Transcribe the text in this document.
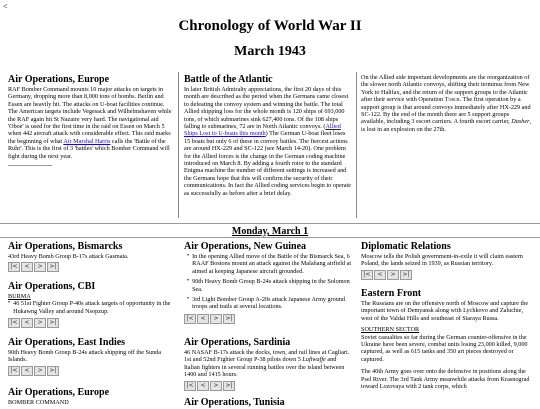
<
Chronology of World War II
March 1943
Air Operations, Europe

RAF Bomber Command mounts 10 major attacks on targets in Germany, dropping more than 8,000 tons of bombs. Berlin and Essen are heavily hit. The attacks on U-boat facilities continue. The American targets include Vegesack and Wilhelmshaven while the RAF again hit St Nazaire very hard. The navigational aid 'Oboe' is used for the first time in the raid on Essen on March 5 when 442 aircraft attack with considerable effect. This raid marks the beginning of what Air Marshal Harris calls the 'Battle of the Ruhr'. This is the first of 3 'battles' which Bomber Command will fight during the next year.

Battle of the Atlantic

In later British Admiralty appreciations, the first 20 days of this month are described as the period when the Germans came closest to defeating the convoy system and winning the battle. The total Allied shipping loss for the whole month is 120 ships of 693,000 tons, of which submarines sink 627,400 tons. Of the 108 ships falling to submarines, 72 are in North Atlantic convoys. (Allied Ships Lost to U-boats this month) The German U-boat fleet loses 15 boats but only 6 of these in convoy battles. The fiercest actions are around HX-229 and SC-122 (see March 14-20). One problem for the Allied forces is the change in the German coding machine introduced on March 8. By adding a fourth rotor to the standard Enigma machine the number of different settings is increased and the Germans hope that this will confirm the security of their communications. In fact the Allied coding services begin to operate as successfully as before after a brief delay.

On the Allied side important developments are the reorganization of the slower north Atlantic convoys, shifting their terminus from New York to Halifax, and the return of the support groups to the Atlantic after their service with Operation Torch. The first operation by a support group is that around convoys immediately after HX-229 and SC-122. By the end of the month there are 5 support groups available, including 3 escort carriers. A fourth escort carrier, Dasher, is lost in an explosion on the 27th.

Monday, March 1
Air Operations, Bismarcks

43rd Heavy Bomb Group B-17s attack Gasmata.

|<	<	>	>|
Air Operations, CBI
BURMA
• 46 51st Fighter Group P-40s attack targets of opportunity in the Hukawng Valley and around Nsopzup.
|<	<	>	>|
Air Operations, East Indies

90th Heavy Bomb Group B-24s attack shipping off the Sunda Islands.

|<	<	>	>|
Air Operations, Europe
BOMBER COMMAND
Air Operations, New Guinea
• In the opening Allied move of the Battle of the Bismarck Sea, 6 RAAF Bostons mount an attack against the Malahang airfield at aimed at keeping Japanese aircraft grounded.
• 90th Heavy Bomb Group B-24s attack shipping in the Solomon Sea.
• 3rd Light Bomber Group A-20s attack Japanese Army ground troops and trails at several locations.
|<	<	>	>|
Air Operations, Sardinia

46 NASAF B-17s attack the docks, town, and rail lines at Cagliari. 1st and 52nd Fighter Group P-38 pilots down 5 Luftwaffe and Italian fighters in several running battles over the island between 1400 and 1415 hours.

|<	<	>	>|
Air Operations, Tunisia
Diplomatic Relations

Moscow tells the Polish government-in-exile it will claim eastern Poland, the lands seized in 1939, as Russian territory.

|<	<	>	>|
Eastern Front

The Russians are on the offensive north of Moscow and capture the important town of Demyansk along with Lychkovo and Zaluchie, west of the Valdai Hills and southeast of Staraya Russa.

SOUTHERN SECTOR

Soviet casualties so far during the German counter-offensive in the Ukraine have been severe, combat units losing 23,000 killed, 9,000 captured, as well as 615 tanks and 350 art pieces destroyed or captured.

The 40th Army goes over onto the defensive in positions along the Psel River. The 3rd Tank Army meanwhile attacks from Krasnograd toward Lozovaya with 2 tank corps, which
